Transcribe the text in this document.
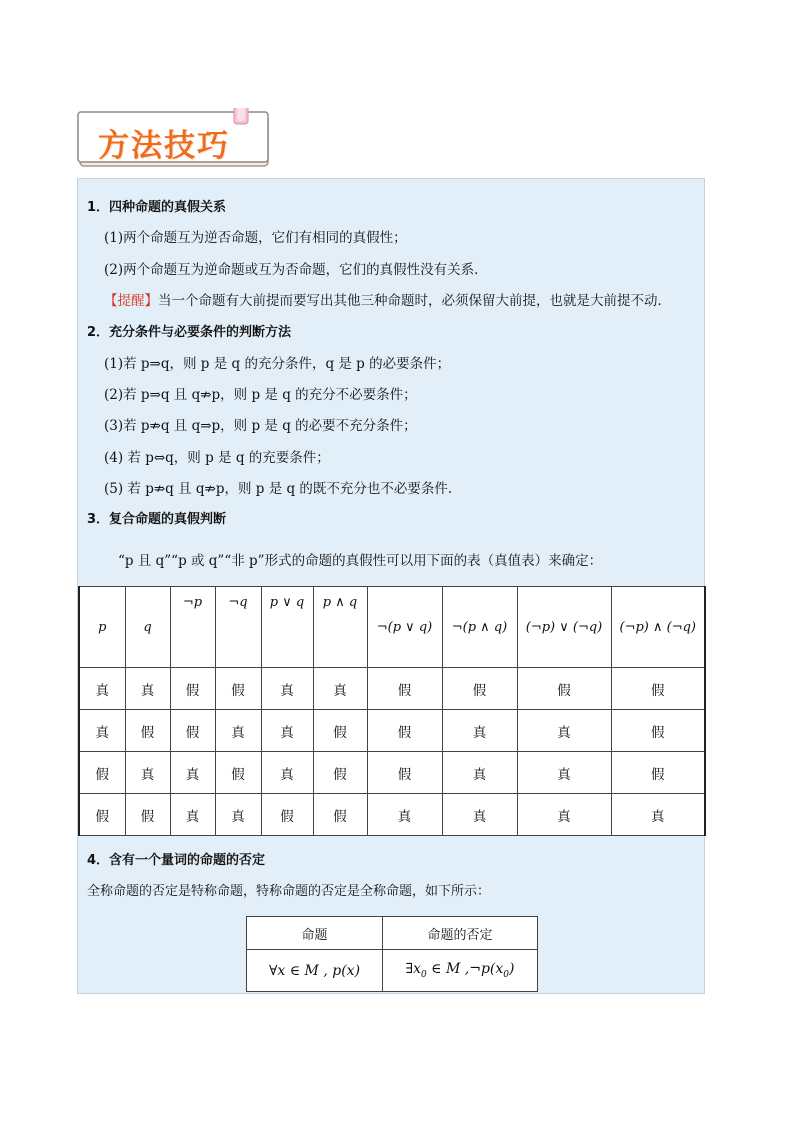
方法技巧
1．四种命题的真假关系
(1)两个命题互为逆否命题，它们有相同的真假性；
(2)两个命题互为逆命题或互为否命题，它们的真假性没有关系．
【提醒】当一个命题有大前提而要写出其他三种命题时，必须保留大前提，也就是大前提不动．
2．充分条件与必要条件的判断方法
(1)若 p⇒q，则 p 是 q 的充分条件，q 是 p 的必要条件；
(2)若 p⇒q 且 q⇏p，则 p 是 q 的充分不必要条件；
(3)若 p⇏q 且 q⇒p，则 p 是 q 的必要不充分条件；
(4) 若 p⇔q，则 p 是 q 的充要条件；
(5) 若 p⇏q 且 q⇏p，则 p 是 q 的既不充分也不必要条件.
3．复合命题的真假判断
“p 且 q”“p 或 q”“非 p”形式的命题的真假性可以用下面的表（真值表）来确定：
p	q	¬p	¬q	p ∨ q	p ∧ q	¬(p ∨ q)	¬(p ∧ q)	(¬p) ∨ (¬q)	(¬p) ∧ (¬q)
真	真	假	假	真	真	假	假	假	假
真	假	假	真	真	假	假	真	真	假
假	真	真	假	真	假	假	真	真	假
假	假	真	真	假	假	真	真	真	真
4．含有一个量词的命题的否定
全称命题的否定是特称命题，特称命题的否定是全称命题，如下所示：
命题	命题的否定
∀x ∈ M , p(x)	$\exists x_0$ ∈ M $,\neg p(x_0)$
